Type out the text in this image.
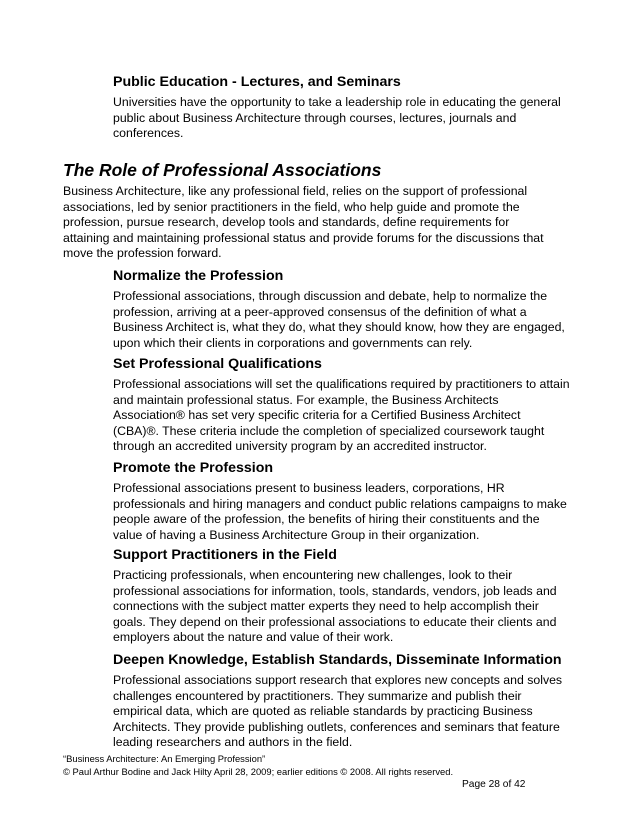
Public Education - Lectures, and Seminars
Universities have the opportunity to take a leadership role in educating the general
public about Business Architecture through courses, lectures, journals and
conferences.
The Role of Professional Associations
Business Architecture, like any professional field, relies on the support of professional
associations, led by senior practitioners in the field, who help guide and promote the
profession, pursue research, develop tools and standards, define requirements for
attaining and maintaining professional status and provide forums for the discussions that
move the profession forward.
Normalize the Profession
Professional associations, through discussion and debate, help to normalize the
profession, arriving at a peer-approved consensus of the definition of what a
Business Architect is, what they do, what they should know, how they are engaged,
upon which their clients in corporations and governments can rely.
Set Professional Qualifications
Professional associations will set the qualifications required by practitioners to attain
and maintain professional status. For example, the Business Architects
Association® has set very specific criteria for a Certified Business Architect
(CBA)®. These criteria include the completion of specialized coursework taught
through an accredited university program by an accredited instructor.
Promote the Profession
Professional associations present to business leaders, corporations, HR
professionals and hiring managers and conduct public relations campaigns to make
people aware of the profession, the benefits of hiring their constituents and the
value of having a Business Architecture Group in their organization.
Support Practitioners in the Field
Practicing professionals, when encountering new challenges, look to their
professional associations for information, tools, standards, vendors, job leads and
connections with the subject matter experts they need to help accomplish their
goals. They depend on their professional associations to educate their clients and
employers about the nature and value of their work.
Deepen Knowledge, Establish Standards, Disseminate Information
Professional associations support research that explores new concepts and solves
challenges encountered by practitioners. They summarize and publish their
empirical data, which are quoted as reliable standards by practicing Business
Architects. They provide publishing outlets, conferences and seminars that feature
leading researchers and authors in the field.
“Business Architecture: An Emerging Profession”
© Paul Arthur Bodine and Jack Hilty April 28, 2009; earlier editions © 2008. All rights reserved.
Page 28 of 42
